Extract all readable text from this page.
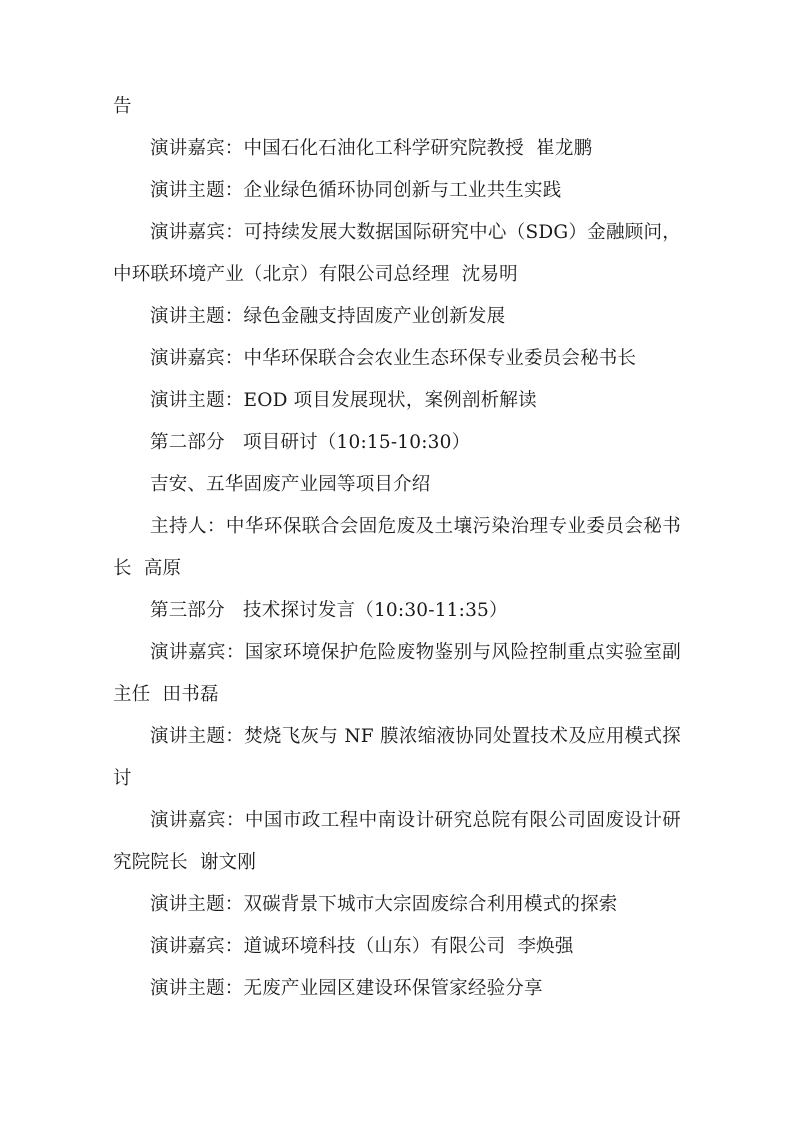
告

演讲嘉宾：中国石化石油化工科学研究院教授  崔龙鹏

演讲主题：企业绿色循环协同创新与工业共生实践

演讲嘉宾：可持续发展大数据国际研究中心（SDG）金融顾问，中环联环境产业（北京）有限公司总经理  沈易明

演讲主题：绿色金融支持固废产业创新发展

演讲嘉宾：中华环保联合会农业生态环保专业委员会秘书长

演讲主题：EOD 项目发展现状，案例剖析解读

第二部分   项目研讨（10:15-10:30）

吉安、五华固废产业园等项目介绍

主持人：中华环保联合会固危废及土壤污染治理专业委员会秘书长  高原

第三部分   技术探讨发言（10:30-11:35）

演讲嘉宾：国家环境保护危险废物鉴别与风险控制重点实验室副主任  田书磊

演讲主题：焚烧飞灰与 NF 膜浓缩液协同处置技术及应用模式探讨

演讲嘉宾：中国市政工程中南设计研究总院有限公司固废设计研究院院长  谢文刚

演讲主题：双碳背景下城市大宗固废综合利用模式的探索

演讲嘉宾：道诚环境科技（山东）有限公司  李焕强

演讲主题：无废产业园区建设环保管家经验分享
